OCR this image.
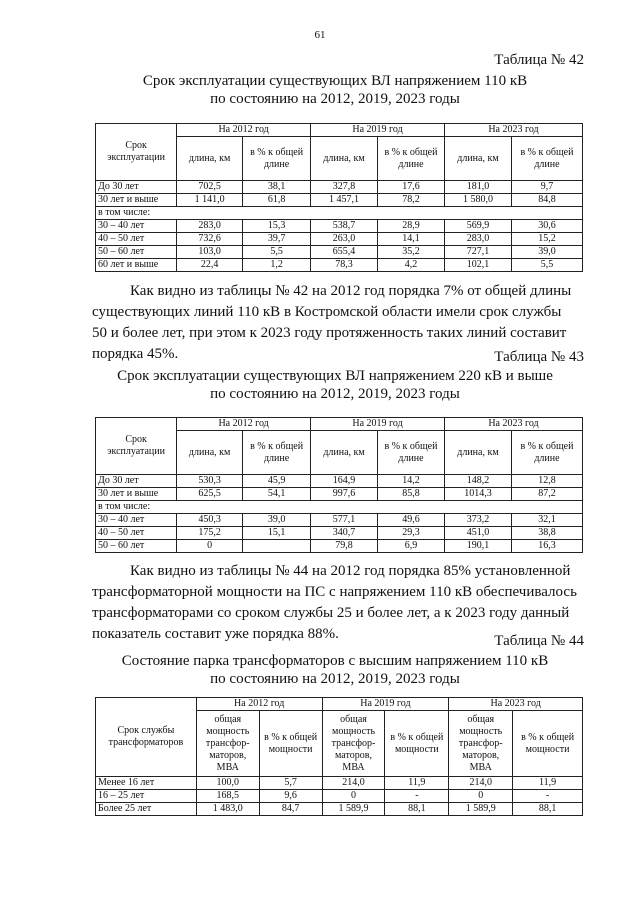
61
Таблица № 42
Срок эксплуатации существующих ВЛ напряжением 110 кВ
по состоянию на 2012, 2019, 2023 годы
Срок эксплуатации	На 2012 год		На 2019 год		На 2023 год	
	длина, км	в % к общей длине	длина, км	в % к общей длине	длина, км	в % к общей длине
До 30 лет	702,5	38,1	327,8	17,6	181,0	9,7
30 лет и выше	1 141,0	61,8	1 457,1	78,2	1 580,0	84,8
в том числе:						
30 – 40 лет	283,0	15,3	538,7	28,9	569,9	30,6
40 – 50 лет	732,6	39,7	263,0	14,1	283,0	15,2
50 – 60 лет	103,0	5,5	655,4	35,2	727,1	39,0
60 лет и выше	22,4	1,2	78,3	4,2	102,1	5,5
Как видно из таблицы № 42 на 2012 год порядка 7% от общей длины
существующих линий 110 кВ в Костромской области имели срок службы
50 и более лет, при этом к 2023 году протяженность таких линий составит
порядка 45%.	Таблица № 43
Срок эксплуатации существующих ВЛ напряжением 220 кВ и выше
по состоянию на 2012, 2019, 2023 годы
Срок эксплуатации	На 2012 год		На 2019 год		На 2023 год	
	длина, км	в % к общей длине	длина, км	в % к общей длине	длина, км	в % к общей длине
До 30 лет	530,3	45,9	164,9	14,2	148,2	12,8
30 лет и выше	625,5	54,1	997,6	85,8	1014,3	87,2
в том числе:						
30 – 40 лет	450,3	39,0	577,1	49,6	373,2	32,1
40 – 50 лет	175,2	15,1	340,7	29,3	451,0	38,8
50 – 60 лет	0		79,8	6,9	190,1	16,3
Как видно из таблицы № 44 на 2012 год порядка 85% установленной
трансформаторной мощности на ПС с напряжением 110 кВ обеспечивалось
трансформаторами со сроком службы 25 и более лет, а к 2023 году данный
показатель составит уже порядка 88%.	Таблица № 44
Состояние парка трансформаторов с высшим напряжением 110 кВ
по состоянию на 2012, 2019, 2023 годы
Срок службы трансформаторов	На 2012 год		На 2019 год		На 2023 год	
	общая мощность трансфор-маторов, МВА	в % к общей мощности	общая мощность трансфор-маторов, МВА	в % к общей мощности	общая мощность трансфор-маторов, МВА	в % к общей мощности
Менее 16 лет	100,0	5,7	214,0	11,9	214,0	11,9
16 – 25 лет	168,5	9,6	0	-	0	-
Более 25 лет	1 483,0	84,7	1 589,9	88,1	1 589,9	88,1
